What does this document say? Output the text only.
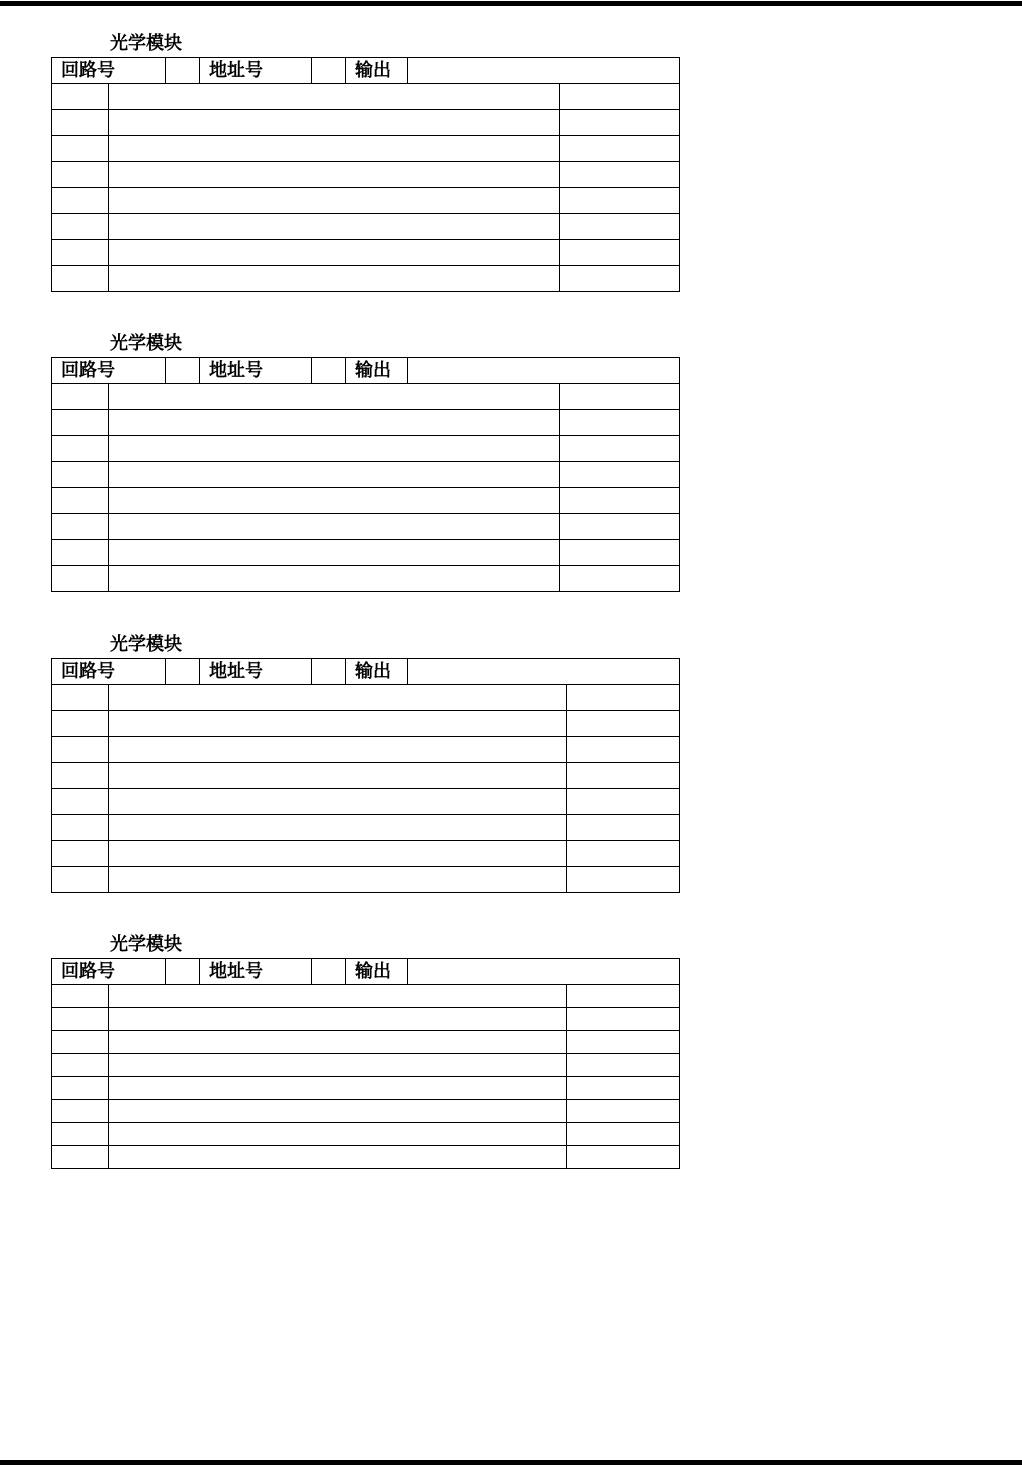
光学模块
回路号			地址号		输出		

光学模块
回路号			地址号		输出		

光学模块
回路号			地址号		输出		

光学模块
回路号			地址号		输出		
